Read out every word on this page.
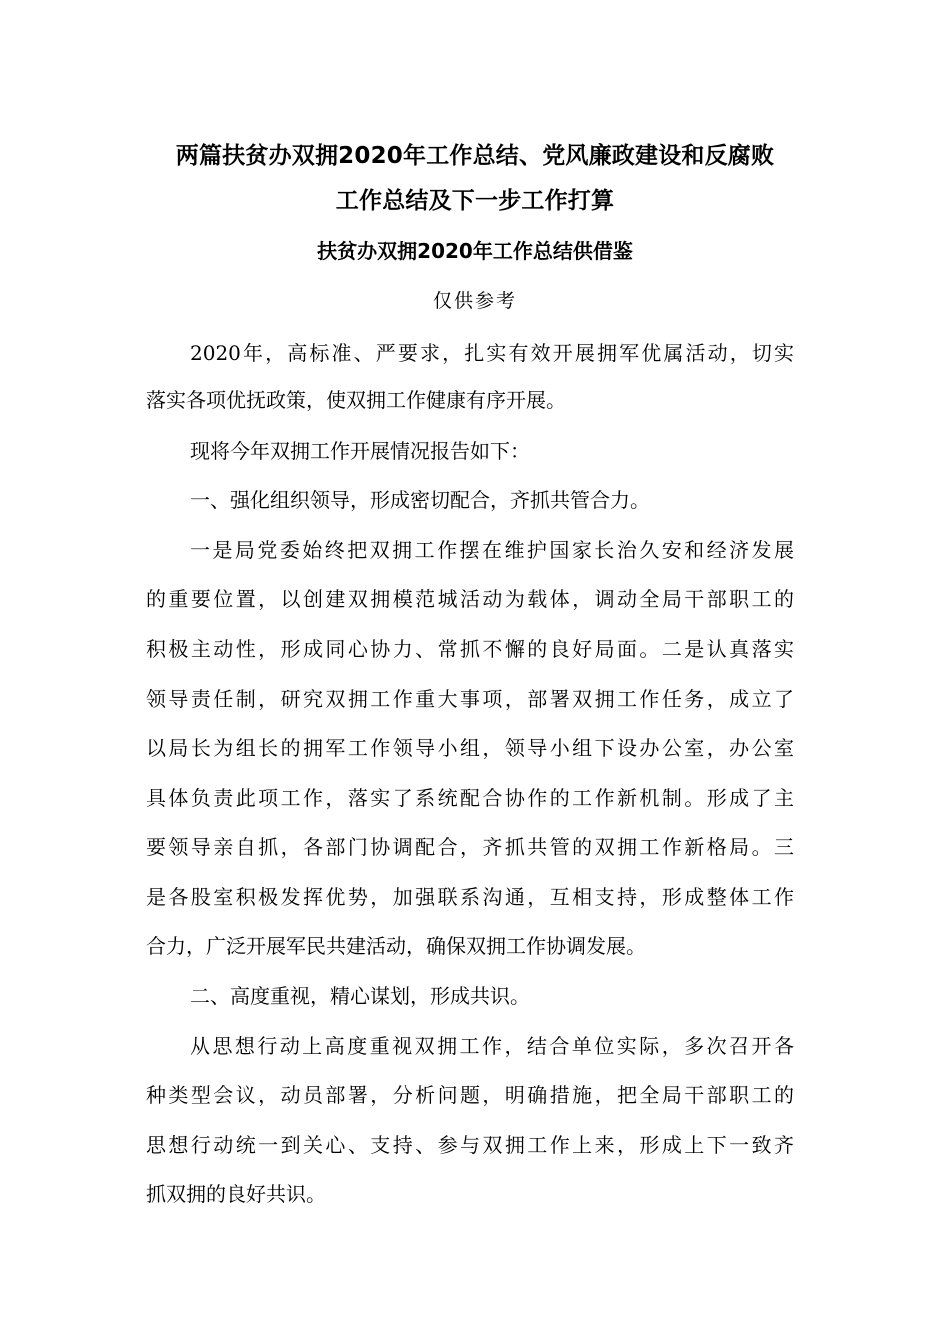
两篇扶贫办双拥2020年工作总结、党风廉政建设和反腐败
工作总结及下一步工作打算
扶贫办双拥2020年工作总结供借鉴
仅供参考
2020年，高标准、严要求，扎实有效开展拥军优属活动，切实
落实各项优抚政策，使双拥工作健康有序开展。
现将今年双拥工作开展情况报告如下：
一、强化组织领导，形成密切配合，齐抓共管合力。
一是局党委始终把双拥工作摆在维护国家长治久安和经济发展
的重要位置，以创建双拥模范城活动为载体，调动全局干部职工的
积极主动性，形成同心协力、常抓不懈的良好局面。二是认真落实
领导责任制，研究双拥工作重大事项，部署双拥工作任务，成立了
以局长为组长的拥军工作领导小组，领导小组下设办公室，办公室
具体负责此项工作，落实了系统配合协作的工作新机制。形成了主
要领导亲自抓，各部门协调配合，齐抓共管的双拥工作新格局。三
是各股室积极发挥优势，加强联系沟通，互相支持，形成整体工作
合力，广泛开展军民共建活动，确保双拥工作协调发展。
二、高度重视，精心谋划，形成共识。
从思想行动上高度重视双拥工作，结合单位实际，多次召开各
种类型会议，动员部署，分析问题，明确措施，把全局干部职工的
思想行动统一到关心、支持、参与双拥工作上来，形成上下一致齐
抓双拥的良好共识。
